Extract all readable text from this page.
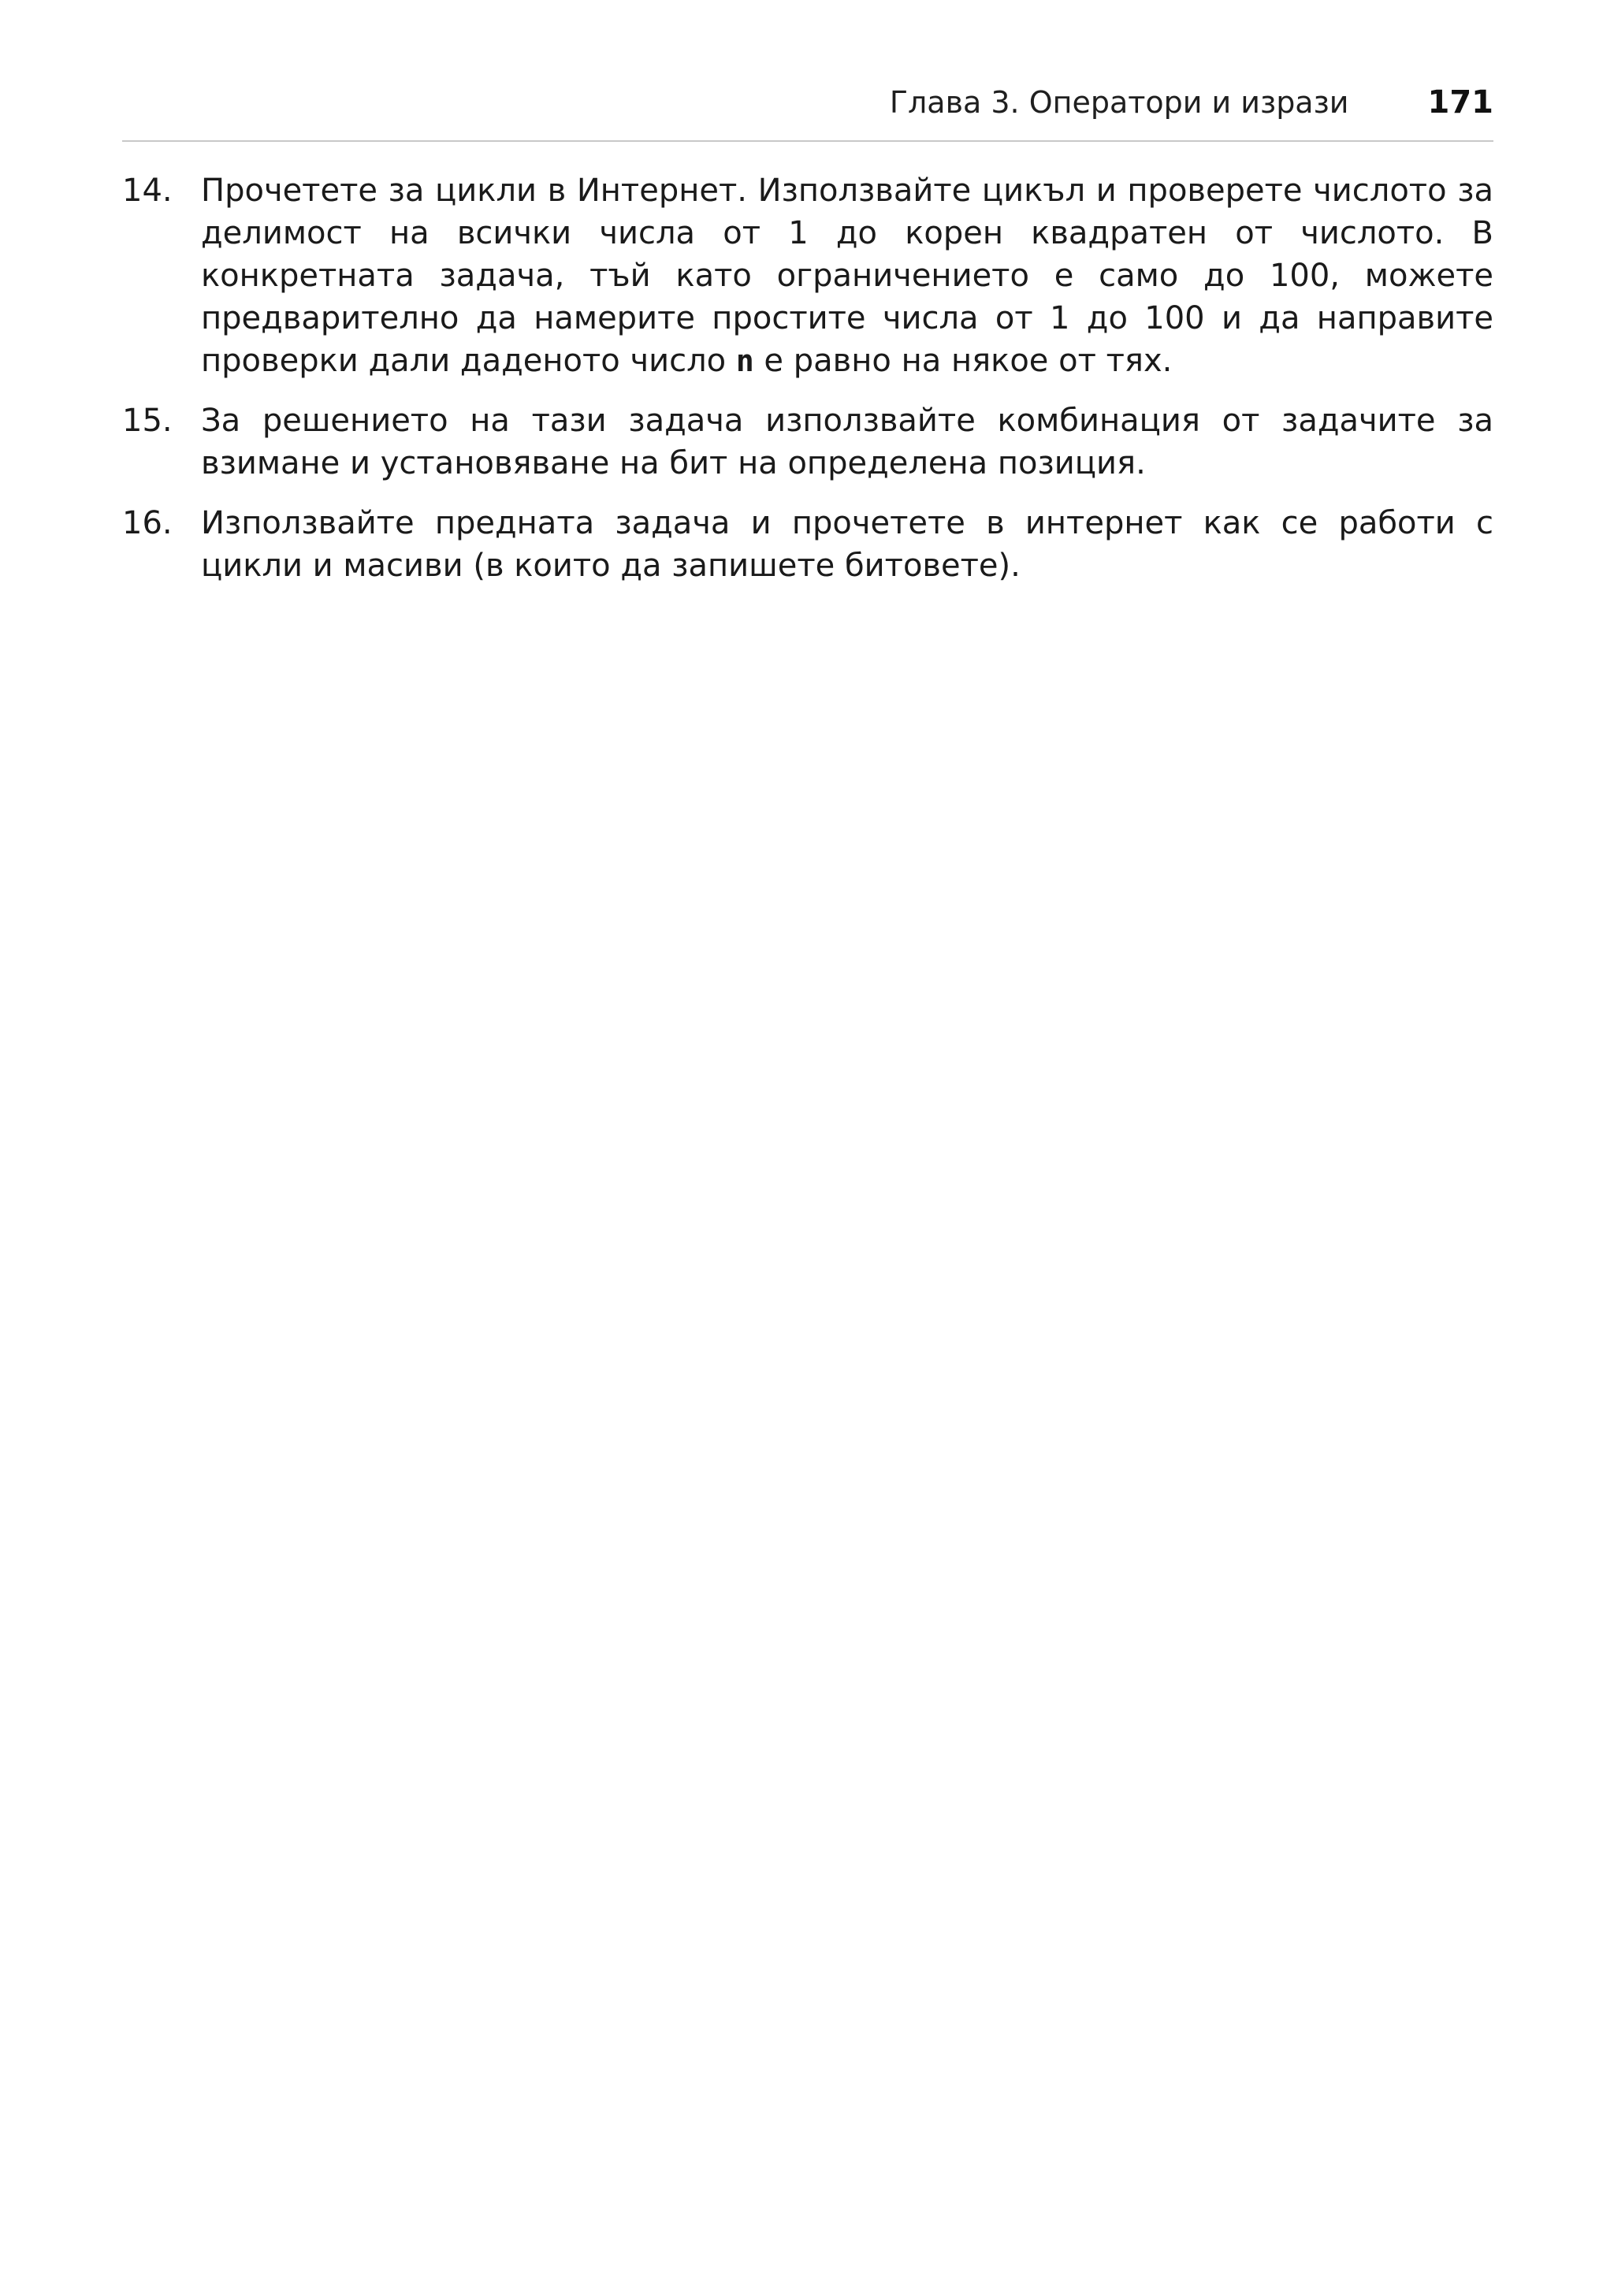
Глава 3. Оператори и изрази	171
14. Прочетете за цикли в Интернет. Използвайте цикъл и проверете числото за делимост на всички числа от 1 до корен квадратен от числото. В конкретната задача, тъй като ограничението е само до 100, можете предварително да намерите простите числа от 1 до 100 и да направите проверки дали даденото число n е равно на някое от тях.
15. За решението на тази задача използвайте комбинация от задачите за взимане и установяване на бит на определена позиция.
16. Използвайте предната задача и прочетете в интернет как се работи с цикли и масиви (в които да запишете битовете).
